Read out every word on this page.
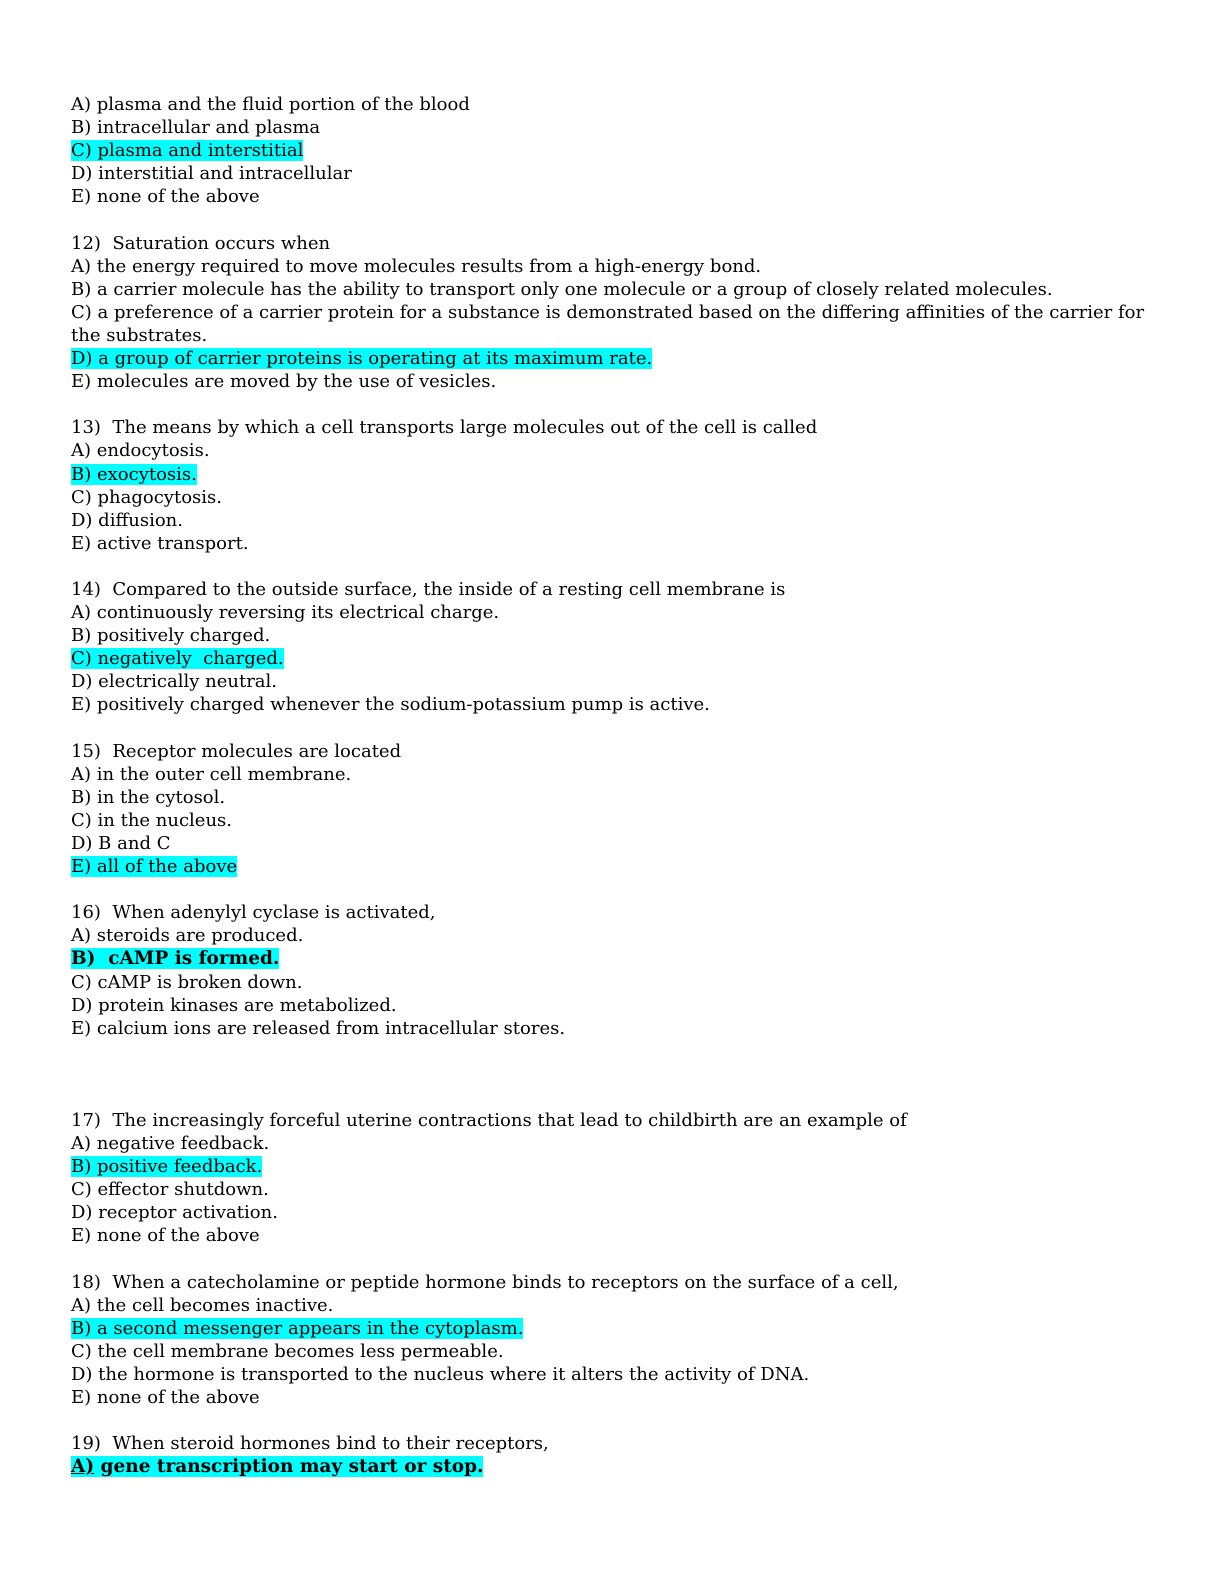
A) plasma and the fluid portion of the blood
B) intracellular and plasma
C) plasma and interstitial
D) interstitial and intracellular
E) none of the above
12)  Saturation occurs when
A) the energy required to move molecules results from a high-energy bond.
B) a carrier molecule has the ability to transport only one molecule or a group of closely related molecules.
C) a preference of a carrier protein for a substance is demonstrated based on the differing affinities of the carrier for the substrates.
D) a group of carrier proteins is operating at its maximum rate.
E) molecules are moved by the use of vesicles.
13)  The means by which a cell transports large molecules out of the cell is called
A) endocytosis.
B) exocytosis.
C) phagocytosis.
D) diffusion.
E) active transport.
14)  Compared to the outside surface, the inside of a resting cell membrane is
A) continuously reversing its electrical charge.
B) positively charged.
C) negatively  charged.
D) electrically neutral.
E) positively charged whenever the sodium-potassium pump is active.
15)  Receptor molecules are located
A) in the outer cell membrane.
B) in the cytosol.
C) in the nucleus.
D) B and C
E) all of the above
16)  When adenylyl cyclase is activated,
A) steroids are produced.
B)  cAMP is formed.
C) cAMP is broken down.
D) protein kinases are metabolized.
E) calcium ions are released from intracellular stores.
17)  The increasingly forceful uterine contractions that lead to childbirth are an example of
A) negative feedback.
B) positive feedback.
C) effector shutdown.
D) receptor activation.
E) none of the above
18)  When a catecholamine or peptide hormone binds to receptors on the surface of a cell,
A) the cell becomes inactive.
B) a second messenger appears in the cytoplasm.
C) the cell membrane becomes less permeable.
D) the hormone is transported to the nucleus where it alters the activity of DNA.
E) none of the above
19)  When steroid hormones bind to their receptors,
A) gene transcription may start or stop.
